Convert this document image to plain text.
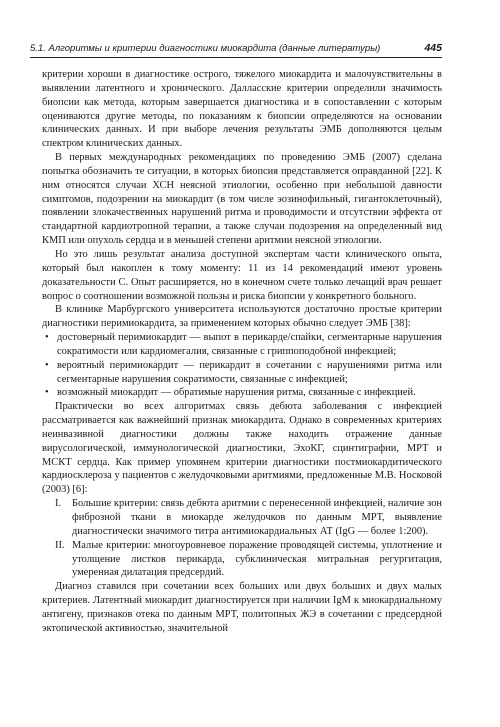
5.1. Алгоритмы и критерии диагностики миокардита (данные литературы)	445

критерии хороши в диагностике острого, тяжелого миокардита и малочувствительны в выявлении латентного и хронического. Далласские критерии определили значимость биопсии как метода, которым завершается диагностика и в сопоставлении с которым оцениваются другие методы, по показаниям к биопсии определяются на основании клинических данных. И при выборе лечения результаты ЭМБ дополняются целым спектром клинических данных.

В первых международных рекомендациях по проведению ЭМБ (2007) сделана попытка обозначить те ситуации, в которых биопсия представляется оправданной [22]. К ним относятся случаи ХСН неясной этиологии, особенно при небольшой давности симптомов, подозрении на миокардит (в том числе эозинофильный, гигантоклеточный), появлении злокачественных нарушений ритма и проводимости и отсутствии эффекта от стандартной кардиотропной терапии, а также случаи подозрения на определенный вид КМП или опухоль сердца и в меньшей степени аритмии неясной этиологии.

Но это лишь результат анализа доступной экспертам части клинического опыта, который был накоплен к тому моменту: 11 из 14 рекомендаций имеют уровень доказательности C. Опыт расширяется, но в конечном счете только лечащий врач решает вопрос о соотношении возможной пользы и риска биопсии у конкретного больного.

В клинике Марбургского университета используются достаточно простые критерии диагностики перимиокардита, за применением которых обычно следует ЭМБ [38]:

• достоверный перимиокардит — выпот в перикарде/спайки, сегментарные нарушения сократимости или кардиомегалия, связанные с гриппоподобной инфекцией;
• вероятный перимиокардит — перикардит в сочетании с нарушениями ритма или сегментарные нарушения сократимости, связанные с инфекцией;
• возможный миокардит — обратимые нарушения ритма, связанные с инфекцией.

Практически во всех алгоритмах связь дебюта заболевания с инфекцией рассматривается как важнейший признак миокардита. Однако в современных критериях неинвазивной диагностики должны также находить отражение данные вирусологической, иммунологической диагностики, ЭхоКГ, сцинтиграфии, МРТ и МСКТ сердца. Как пример упомянем критерии диагностики постмиокардитического кардиосклероза у пациентов с желудочковыми аритмиями, предложенные М.В. Носковой (2003) [6]:

I. Большие критерии: связь дебюта аритмии с перенесенной инфекцией, наличие зон фиброзной ткани в миокарде желудочков по данным МРТ, выявление диагностически значимого титра антимиокардиальных АТ (IgG — более 1:200).
II. Малые критерии: многоуровневое поражение проводящей системы, уплотнение и утолщение листков перикарда, субклиническая митральная регургитация, умеренная дилатация предсердий.

Диагноз ставился при сочетании всех больших или двух больших и двух малых критериев. Латентный миокардит диагностируется при наличии IgM к миокардиальному антигену, признаков отека по данным МРТ, политопных ЖЭ в сочетании с предсердной эктопической активностью, значительной
